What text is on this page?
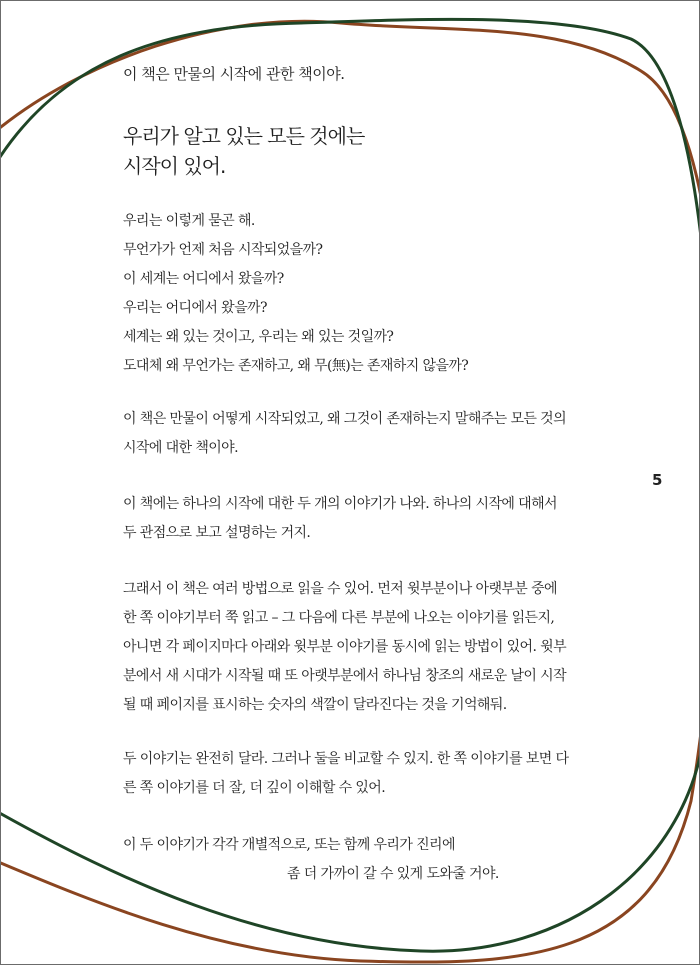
이 책은 만물의 시작에 관한 책이야.
우리가 알고 있는 모든 것에는
시작이 있어.
우리는 이렇게 묻곤 해.
무언가가 언제 처음 시작되었을까?
이 세계는 어디에서 왔을까?
우리는 어디에서 왔을까?
세계는 왜 있는 것이고, 우리는 왜 있는 것일까?
도대체 왜 무언가는 존재하고, 왜 무(無)는 존재하지 않을까?
이 책은 만물이 어떻게 시작되었고, 왜 그것이 존재하는지 말해주는 모든 것의
시작에 대한 책이야.
5
이 책에는 하나의 시작에 대한 두 개의 이야기가 나와. 하나의 시작에 대해서
두 관점으로 보고 설명하는 거지.
그래서 이 책은 여러 방법으로 읽을 수 있어. 먼저 윗부분이나 아랫부분 중에
한 쪽 이야기부터 쭉 읽고 – 그 다음에 다른 부분에 나오는 이야기를 읽든지,
아니면 각 페이지마다 아래와 윗부분 이야기를 동시에 읽는 방법이 있어. 윗부
분에서 새 시대가 시작될 때 또 아랫부분에서 하나님 창조의 새로운 날이 시작
될 때 페이지를 표시하는 숫자의 색깔이 달라진다는 것을 기억해둬.
두 이야기는 완전히 달라. 그러나 둘을 비교할 수 있지. 한 쪽 이야기를 보면 다
른 쪽 이야기를 더 잘, 더 깊이 이해할 수 있어.
이 두 이야기가 각각 개별적으로, 또는 함께 우리가 진리에
좀 더 가까이 갈 수 있게 도와줄 거야.
